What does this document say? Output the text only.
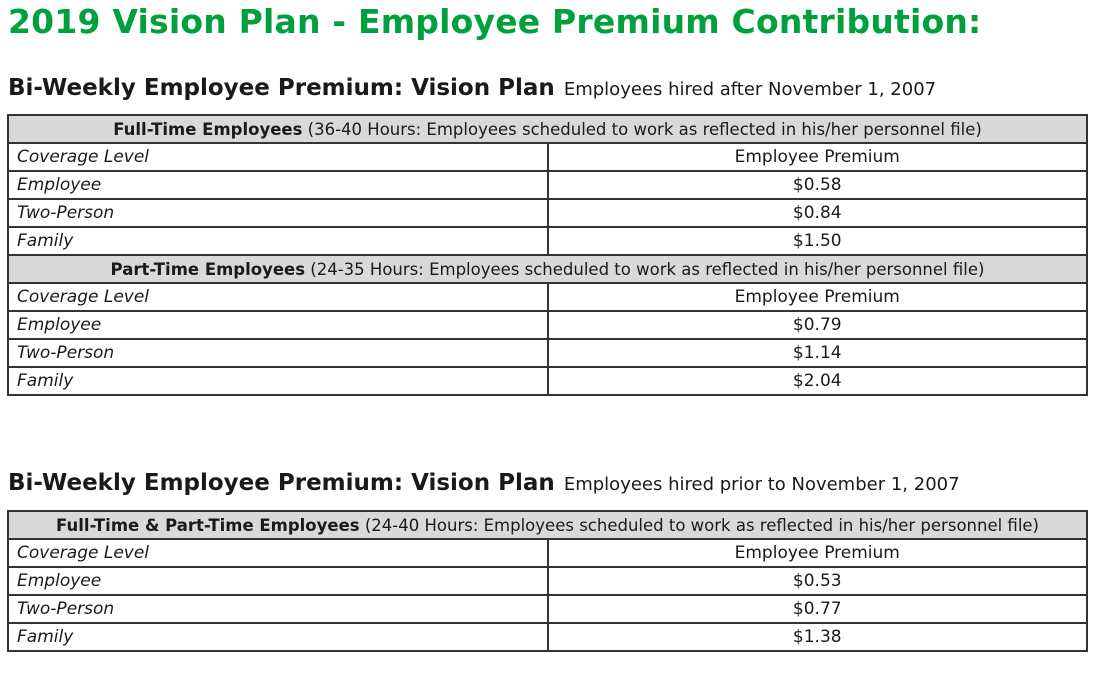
2019 Vision Plan - Employee Premium Contribution:
Bi-Weekly Employee Premium: Vision Plan Employees hired after November 1, 2007
Full-Time Employees (36-40 Hours: Employees scheduled to work as reflected in his/her personnel file)	
Coverage Level	Employee Premium
Employee	$0.58
Two-Person	$0.84
Family	$1.50
Part-Time Employees (24-35 Hours: Employees scheduled to work as reflected in his/her personnel file)	
Coverage Level	Employee Premium
Employee	$0.79
Two-Person	$1.14
Family	$2.04
Bi-Weekly Employee Premium: Vision Plan Employees hired prior to November 1, 2007
Full-Time & Part-Time Employees (24-40 Hours: Employees scheduled to work as reflected in his/her personnel file)	
Coverage Level	Employee Premium
Employee	$0.53
Two-Person	$0.77
Family	$1.38
